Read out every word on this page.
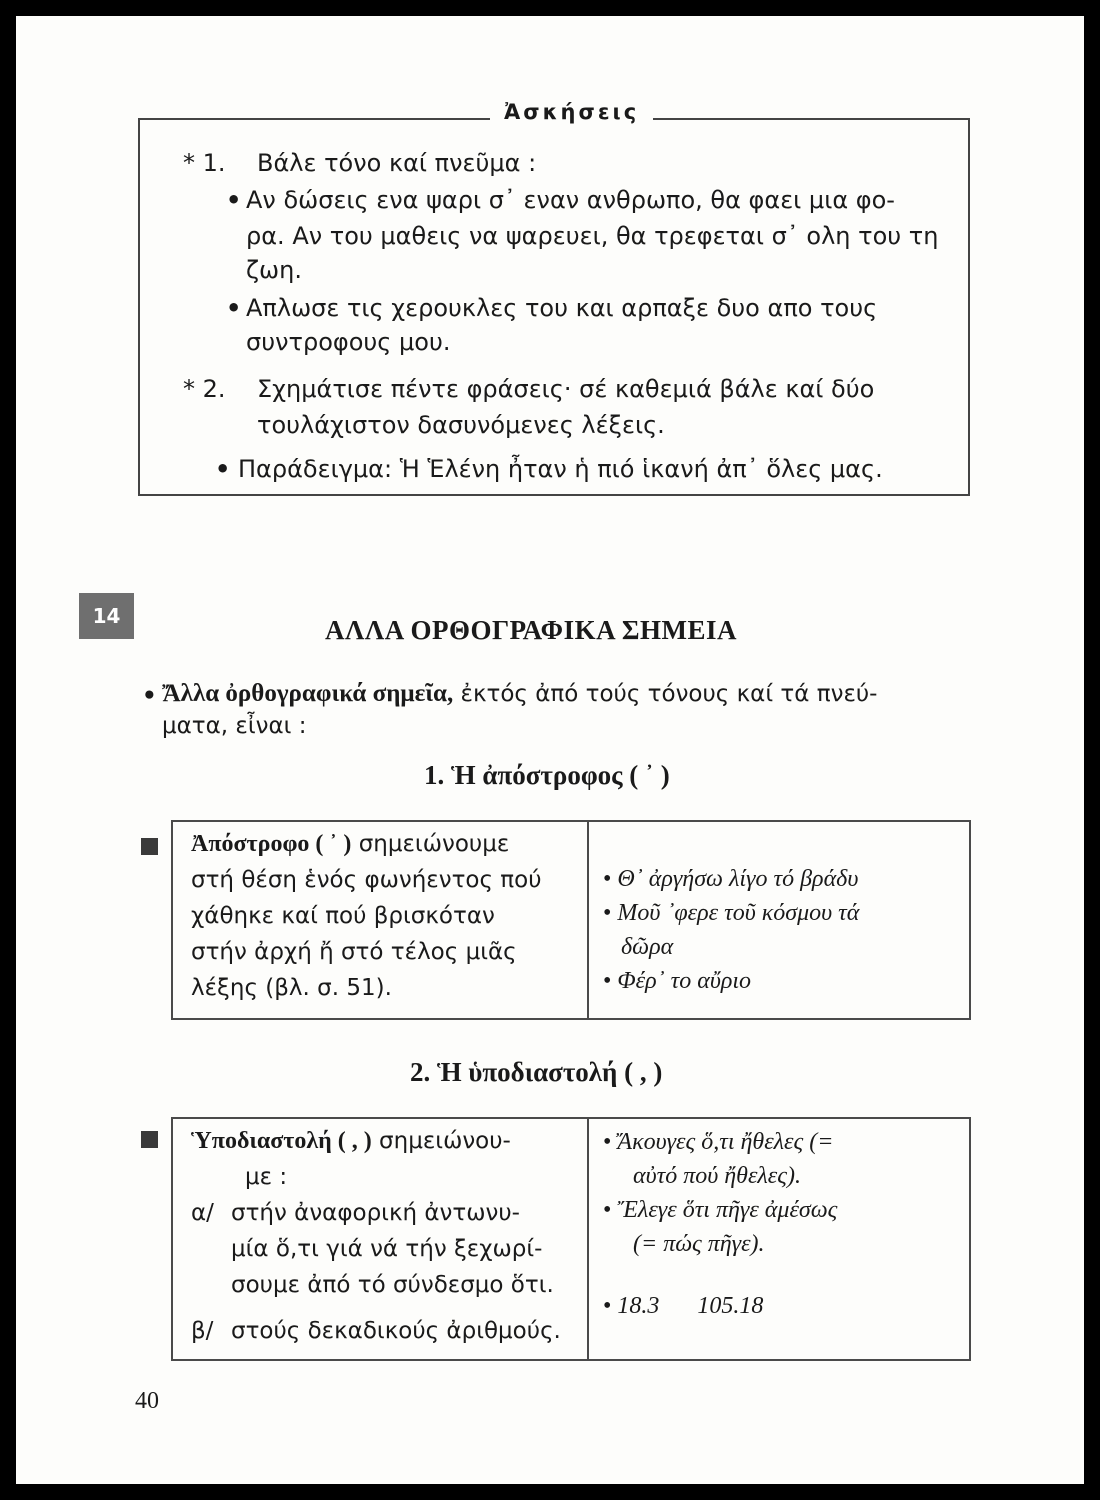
Ἀσκήσεις
* 1. Βάλε τόνο καί πνεῦμα :
• Αν δώσεις ενα ψαρι σ᾽ εναν ανθρωπο, θα φαει μια φο-
ρα. Αν του μαθεις να ψαρευει, θα τρεφεται σ᾽ ολη του τη
ζωη.
• Απλωσε τις χερουκλες του και αρπαξε δυο απο τους
συντροφους μου.
* 2. Σχημάτισε πέντε φράσεις· σέ καθεμιά βάλε καί δύο
τουλάχιστον δασυνόμενες λέξεις.
• Παράδειγμα: Ἡ Ἑλένη ἦταν ἡ πιό ἱκανή ἀπ᾽ ὅλες μας.
14	ΑΛΛΑ ΟΡΘΟΓΡΑΦΙΚΑ ΣΗΜΕΙΑ
• Ἄλλα ὀρθογραφικά σημεῖα, ἐκτός ἀπό τούς τόνους καί τά πνεύ-
ματα, εἶναι :
1. Ἡ ἀπόστροφος ( ᾽ )
Ἀπόστροφο ( ᾽ ) σημειώνουμε
στή θέση ἑνός φωνήεντος πού
χάθηκε καί πού βρισκόταν
στήν ἀρχή ἤ στό τέλος μιᾶς
λέξης (βλ. σ. 51).

• Θ᾽ ἀργήσω λίγο τό βράδυ
• Μοῦ ᾽φερε τοῦ κόσμου τά
δῶρα
• Φέρ᾽ το αὔριο
2. Ἡ ὑποδιαστολή ( , )
Ὑποδιαστολή ( , ) σημειώνου-
με :
α/ στήν ἀναφορική ἀντωνυ-
μία ὅ,τι γιά νά τήν ξεχωρί-
σουμε ἀπό τό σύνδεσμο ὅτι.
β/ στούς δεκαδικούς ἀριθμούς.

• Ἄκουγες ὅ,τι ἤθελες (=
αὐτό πού ἤθελες).
• Ἔλεγε ὅτι πῆγε ἀμέσως
(= πώς πῆγε).
• 18.3 105.18
40
